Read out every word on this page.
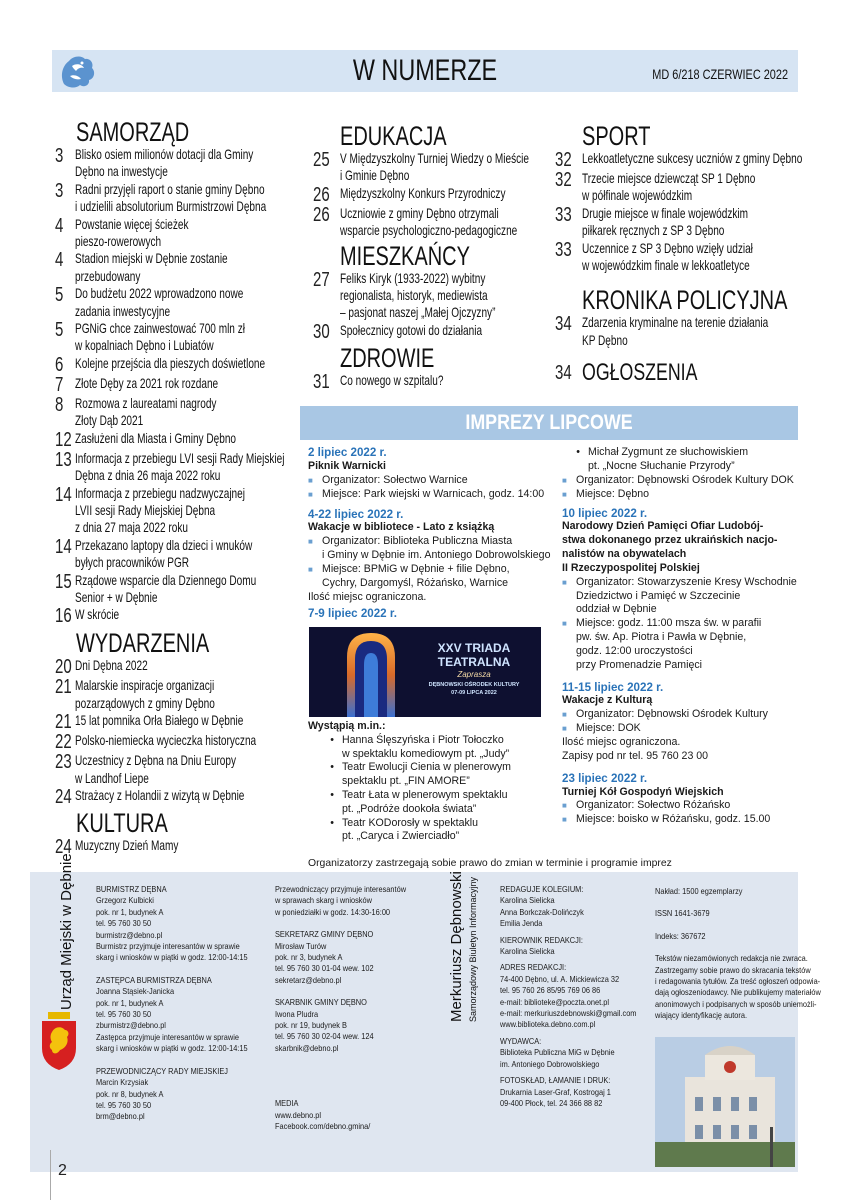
W NUMERZE	MD 6/218 CZERWIEC 2022
SAMORZĄD
3 Blisko osiem milionów dotacji dla Gminy
Dębno na inwestycje
3 Radni przyjęli raport o stanie gminy Dębno
i udzielili absolutorium Burmistrzowi Dębna
4 Powstanie więcej ścieżek
pieszo-rowerowych
4 Stadion miejski w Dębnie zostanie
przebudowany
5 Do budżetu 2022 wprowadzono nowe
zadania inwestycyjne
5 PGNiG chce zainwestować 700 mln zł
w kopalniach Dębno i Lubiatów
6 Kolejne przejścia dla pieszych doświetlone
7 Złote Dęby za 2021 rok rozdane
8 Rozmowa z laureatami nagrody
Złoty Dąb 2021
12 Zasłużeni dla Miasta i Gminy Dębno
13 Informacja z przebiegu LVI sesji Rady Miejskiej
Dębna z dnia 26 maja 2022 roku
14 Informacja z przebiegu nadzwyczajnej
LVII sesji Rady Miejskiej Dębna
z dnia 27 maja 2022 roku
14 Przekazano laptopy dla dzieci i wnuków
byłych pracowników PGR
15 Rządowe wsparcie dla Dziennego Domu
Senior + w Dębnie
16 W skrócie
WYDARZENIA
20 Dni Dębna 2022
21 Malarskie inspiracje organizacji
pozarządowych z gminy Dębno
21 15 lat pomnika Orła Białego w Dębnie
22 Polsko-niemiecka wycieczka historyczna
23 Uczestnicy z Dębna na Dniu Europy
w Landhof Liepe
24 Strażacy z Holandii z wizytą w Dębnie
KULTURA
24 Muzyczny Dzień Mamy
EDUKACJA
25 V Międzyszkolny Turniej Wiedzy o Mieście
i Gminie Dębno
26 Międzyszkolny Konkurs Przyrodniczy
26 Uczniowie z gminy Dębno otrzymali
wsparcie psychologiczno-pedagogiczne
MIESZKAŃCY
27 Feliks Kiryk (1933-2022) wybitny
regionalista, historyk, mediewista
– pasjonat naszej „Małej Ojczyzny”
30 Społecznicy gotowi do działania
ZDROWIE
31 Co nowego w szpitalu?
SPORT
32 Lekkoatletyczne sukcesy uczniów z gminy Dębno
32 Trzecie miejsce dziewcząt SP 1 Dębno
w półfinale wojewódzkim
33 Drugie miejsce w finale wojewódzkim
piłkarek ręcznych z SP 3 Dębno
33 Uczennice z SP 3 Dębno wzięły udział
w wojewódzkim finale w lekkoatletyce
KRONIKA POLICYJNA
34 Zdarzenia kryminalne na terenie działania
KP Dębno
34 OGŁOSZENIA
IMPREZY LIPCOWE
2 lipiec 2022 r.
Piknik Warnicki
■ Organizator: Sołectwo Warnice
■ Miejsce: Park wiejski w Warnicach, godz. 14:00
4-22 lipiec 2022 r.
Wakacje w bibliotece - Lato z książką
■ Organizator: Biblioteka Publiczna Miasta
i Gminy w Dębnie im. Antoniego Dobrowolskiego
■ Miejsce: BPMiG w Dębnie + filie Dębno,
Cychry, Dargomyśl, Różańsko, Warnice
Ilość miejsc ograniczona.
7-9 lipiec 2022 r.
XXV TRIADA
TEATRALNA
Zaprasza
DĘBNOWSKI OŚRODEK KULTURY
07-09 LIPCA 2022
Wystąpią m.in.:
• Hanna Ślęszyńska i Piotr Tołoczko
w spektaklu komediowym pt. „Judy”
• Teatr Ewolucji Cienia w plenerowym
spektaklu pt. „FIN AMORE”
• Teatr Łata w plenerowym spektaklu
pt. „Podróże dookoła świata”
• Teatr KODorosły w spektaklu
pt. „Caryca i Zwierciadło”
• Michał Zygmunt ze słuchowiskiem
pt. „Nocne Słuchanie Przyrody”
■ Organizator: Dębnowski Ośrodek Kultury DOK
■ Miejsce: Dębno
10 lipiec 2022 r.
Narodowy Dzień Pamięci Ofiar Ludobój-
stwa dokonanego przez ukraińskich nacjo-
nalistów na obywatelach
II Rzeczypospolitej Polskiej
■ Organizator: Stowarzyszenie Kresy Wschodnie
Dziedzictwo i Pamięć w Szczecinie
oddział w Dębnie
■ Miejsce: godz. 11:00 msza św. w parafii
pw. św. Ap. Piotra i Pawła w Dębnie,
godz. 12:00 uroczystości
przy Promenadzie Pamięci
11-15 lipiec 2022 r.
Wakacje z Kulturą
■ Organizator: Dębnowski Ośrodek Kultury
■ Miejsce: DOK
Ilość miejsc ograniczona.
Zapisy pod nr tel. 95 760 23 00
23 lipiec 2022 r.
Turniej Kół Gospodyń Wiejskich
■ Organizator: Sołectwo Różańsko
■ Miejsce: boisko w Różańsku, godz. 15.00
Organizatorzy zastrzegają sobie prawo do zmian w terminie i programie imprez
Urząd Miejski w Dębnie BURMISTRZ DĘBNA
Grzegorz Kulbicki
pok. nr 1, budynek A
tel. 95 760 30 50
burmistrz@debno.pl
Burmistrz przyjmuje interesantów w sprawie
skarg i wniosków w piątki w godz. 12:00-14:15
ZASTĘPCA BURMISTRZA DĘBNA
Joanna Stąsiek-Janicka
pok. nr 1, budynek A
tel. 95 760 30 50
zburmistrz@debno.pl
Zastępca przyjmuje interesantów w sprawie
skarg i wniosków w piątki w godz. 12:00-14:15
PRZEWODNICZĄCY RADY MIEJSKIEJ
Marcin Krzysiak
pok. nr 8, budynek A
tel. 95 760 30 50
brm@debno.pl
Przewodniczący przyjmuje interesantów
w sprawach skarg i wniosków
w poniedziałki w godz. 14:30-16:00
SEKRETARZ GMINY DĘBNO
Mirosław Turów
pok. nr 3, budynek A
tel. 95 760 30 01-04 wew. 102
sekretarz@debno.pl
SKARBNIK GMINY DĘBNO
Iwona Pludra
pok. nr 19, budynek B
tel. 95 760 30 02-04 wew. 124
skarbnik@debno.pl
MEDIA
www.debno.pl
Facebook.com/debno.gmina/
Merkuriusz Dębnowski Samorządowy Biuletyn Informacyjny	REDAGUJE KOLEGIUM:
Karolina Sielicka
Anna Borkczak-Dolińczyk
Emilia Jenda
KIEROWNIK REDAKCJI:
Karolina Sielicka
ADRES REDAKCJI:
74-400 Dębno, ul. A. Mickiewicza 32
tel. 95 760 26 85/95 769 06 86
e-mail: biblioteke@poczta.onet.pl
e-mail: merkuriuszdebnowski@gmail.com
www.biblioteka.debno.com.pl
WYDAWCA:
Biblioteka Publiczna MiG w Dębnie
im. Antoniego Dobrowolskiego
FOTOSKŁAD, ŁAMANIE I DRUK:
Drukarnia Laser-Graf, Kostrogaj 1
09-400 Płock, tel. 24 366 88 82
Nakład: 1500 egzemplarzy
ISSN 1641-3679
Indeks: 367672
Tekstów niezamówionych redakcja nie zwraca.
Zastrzegamy sobie prawo do skracania tekstów
i redagowania tytułów. Za treść ogłoszeń odpowia-
dają ogłoszeniodawcy. Nie publikujemy materiałów
anonimowych i podpisanych w sposób uniemożli-
wiający identyfikację autora.
2
